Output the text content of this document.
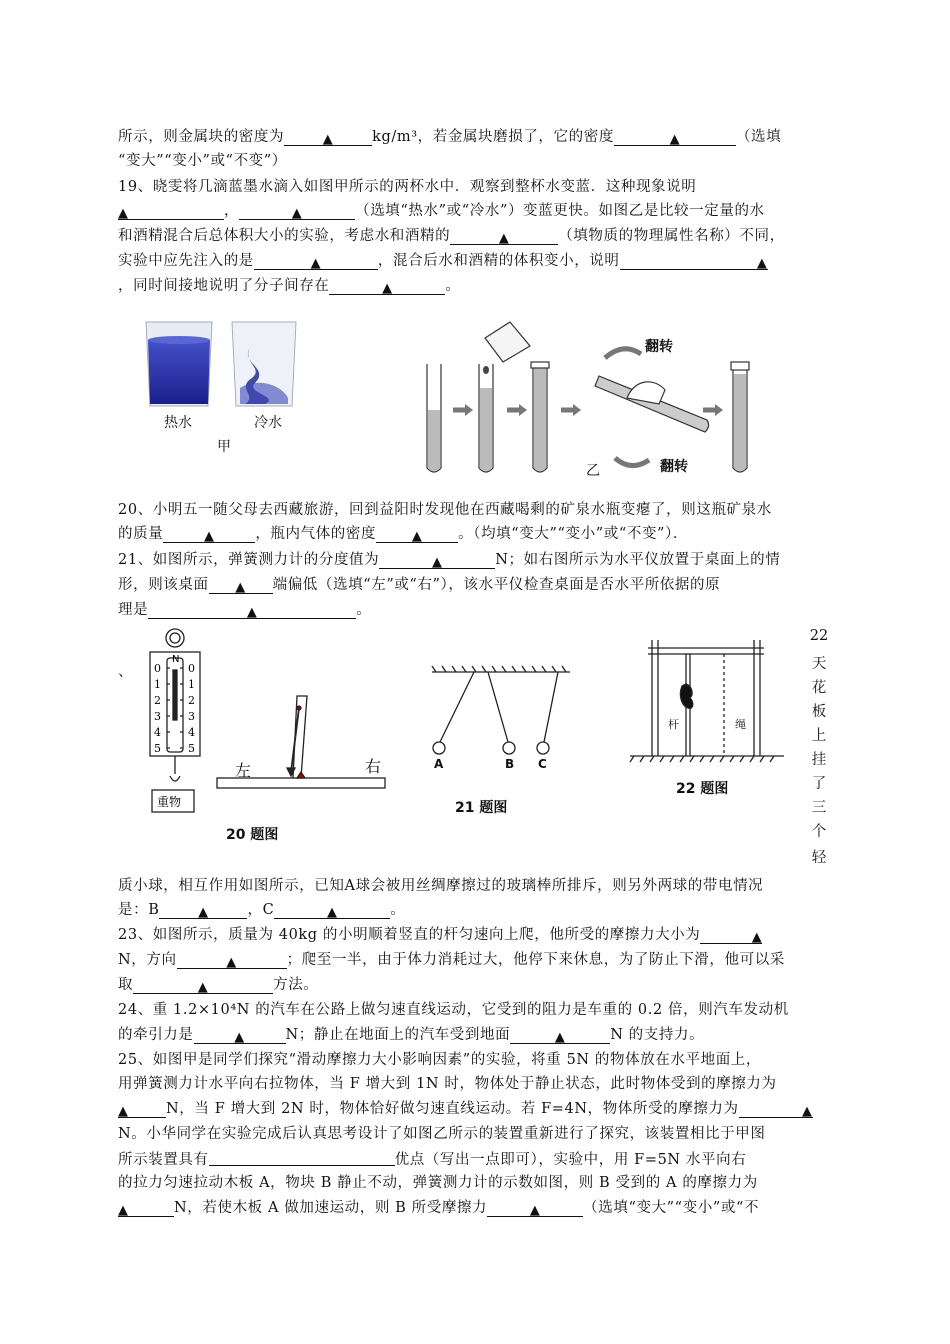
所示，则金属块的密度为	▲	kg/m³，若金属块磨损了，它的密度	▲	（选填
“变大”“变小”或“不变”）
19、晓雯将几滴蓝墨水滴入如图甲所示的两杯水中．观察到整杯水变蓝．这种现象说明
▲	，	▲	（选填“热水”或“冷水”）变蓝更快。如图乙是比较一定量的水
和酒精混合后总体积大小的实验，考虑水和酒精的	▲	（填物质的物理属性名称）不同，
实验中应先注入的是	▲	，混合后水和酒精的体积变小，说明	▲
，同时间接地说明了分子间存在	▲	。
热水	冷水
甲
翻转
翻转
乙
20、小明五一随父母去西藏旅游，回到益阳时发现他在西藏喝剩的矿泉水瓶变瘪了，则这瓶矿泉水
的质量	▲	，瓶内气体的密度	▲ 。（均填“变大”“变小”或“不变”）．
21、如图所示，弹簧测力计的分度值为	▲	N；如右图所示为水平仪放置于桌面上的情
形，则该桌面 ▲ 端偏低（选填“左”或“右”），该水平仪检查桌面是否水平所依据的原
理是	▲	。
、
N
0
1
2
3
4
5
0
1
2
3
4
5
重物
左	右
20 题图
A	B C
21 题图
杆	绳
22 题图
22
天
花
板
上
挂
了
三
个
轻
质小球，相互作用如图所示，已知A球会被用丝绸摩擦过的玻璃棒所排斥，则另外两球的带电情况
是：B	▲	，C	▲	。
23、如图所示，质量为 40kg 的小明顺着竖直的杆匀速向上爬，他所受的摩擦力大小为	▲
N，方向	▲	；爬至一半，由于体力消耗过大，他停下来休息，为了防止下滑，他可以采
取	▲	方法。
24、重 1.2×10⁴N 的汽车在公路上做匀速直线运动，它受到的阻力是车重的 0.2 倍，则汽车发动机
的牵引力是	▲	N；静止在地面上的汽车受到地面	▲	N 的支持力。
25、如图甲是同学们探究“滑动摩擦力大小影响因素”的实验，将重 5N 的物体放在水平地面上，
用弹簧测力计水平向右拉物体，当 F 增大到 1N 时，物体处于静止状态，此时物体受到的摩擦力为
▲	N，当 F 增大到 2N 时，物体恰好做匀速直线运动。若 F=4N，物体所受的摩擦力为	▲
N。小华同学在实验完成后认真思考设计了如图乙所示的装置重新进行了探究，该装置相比于甲图
所示装置具有	优点（写出一点即可），实验中，用 F=5N 水平向右
的拉力匀速拉动木板 A，物块 B 静止不动，弹簧测力计的示数如图，则 B 受到的 A 的摩擦力为
▲	N，若使木板 A 做加速运动，则 B 所受摩擦力	▲	（选填“变大”“变小”或“不
